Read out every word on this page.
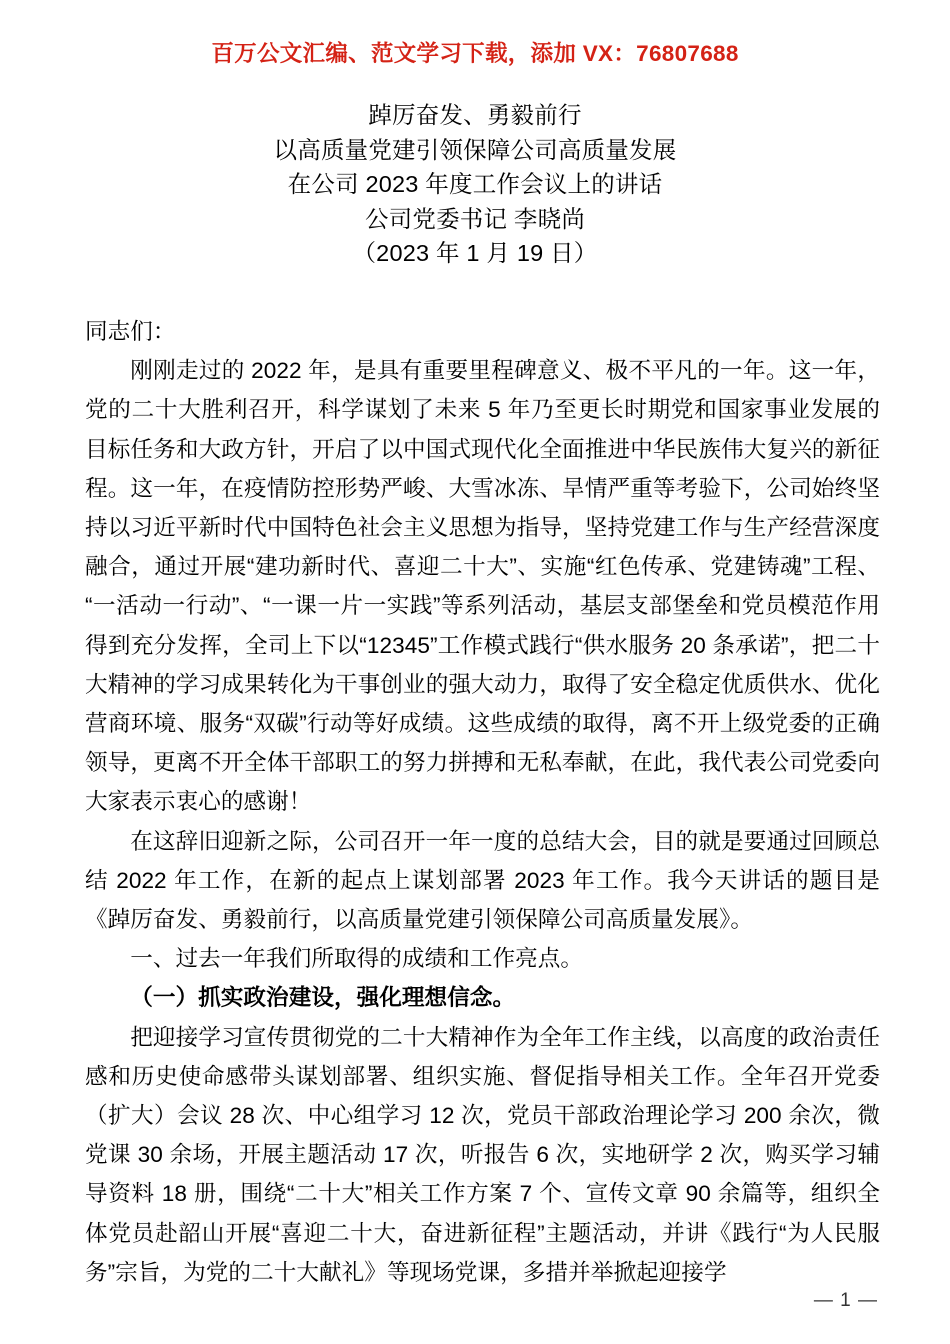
百万公文汇编、范文学习下载，添加 VX：76807688
踔厉奋发、勇毅前行
以高质量党建引领保障公司高质量发展
在公司 2023 年度工作会议上的讲话
公司党委书记 李晓尚
（2023 年 1 月 19 日）

同志们：

刚刚走过的 2022 年，是具有重要里程碑意义、极不平凡的一年。这一年，党的二十大胜利召开，科学谋划了未来 5 年乃至更长时期党和国家事业发展的目标任务和大政方针，开启了以中国式现代化全面推进中华民族伟大复兴的新征程。这一年，在疫情防控形势严峻、大雪冰冻、旱情严重等考验下，公司始终坚持以习近平新时代中国特色社会主义思想为指导，坚持党建工作与生产经营深度融合，通过开展“建功新时代、喜迎二十大”、实施“红色传承、党建铸魂”工程、“一活动一行动”、“一课一片一实践”等系列活动，基层支部堡垒和党员模范作用得到充分发挥，全司上下以“12345”工作模式践行“供水服务 20 条承诺”，把二十大精神的学习成果转化为干事创业的强大动力，取得了安全稳定优质供水、优化营商环境、服务“双碳”行动等好成绩。这些成绩的取得，离不开上级党委的正确领导，更离不开全体干部职工的努力拼搏和无私奉献，在此，我代表公司党委向大家表示衷心的感谢！

在这辞旧迎新之际，公司召开一年一度的总结大会，目的就是要通过回顾总结 2022 年工作，在新的起点上谋划部署 2023 年工作。我今天讲话的题目是《踔厉奋发、勇毅前行，以高质量党建引领保障公司高质量发展》。

一、过去一年我们所取得的成绩和工作亮点。

（一）抓实政治建设，强化理想信念。

把迎接学习宣传贯彻党的二十大精神作为全年工作主线，以高度的政治责任感和历史使命感带头谋划部署、组织实施、督促指导相关工作。全年召开党委（扩大）会议 28 次、中心组学习 12 次，党员干部政治理论学习 200 余次，微党课 30 余场，开展主题活动 17 次，听报告 6 次，实地研学 2 次，购买学习辅导资料 18 册，围绕“二十大”相关工作方案 7 个、宣传文章 90 余篇等，组织全体党员赴韶山开展“喜迎二十大，奋进新征程”主题活动，并讲《践行“为人民服务”宗旨，为党的二十大献礼》等现场党课，多措并举掀起迎接学

— 1 —
